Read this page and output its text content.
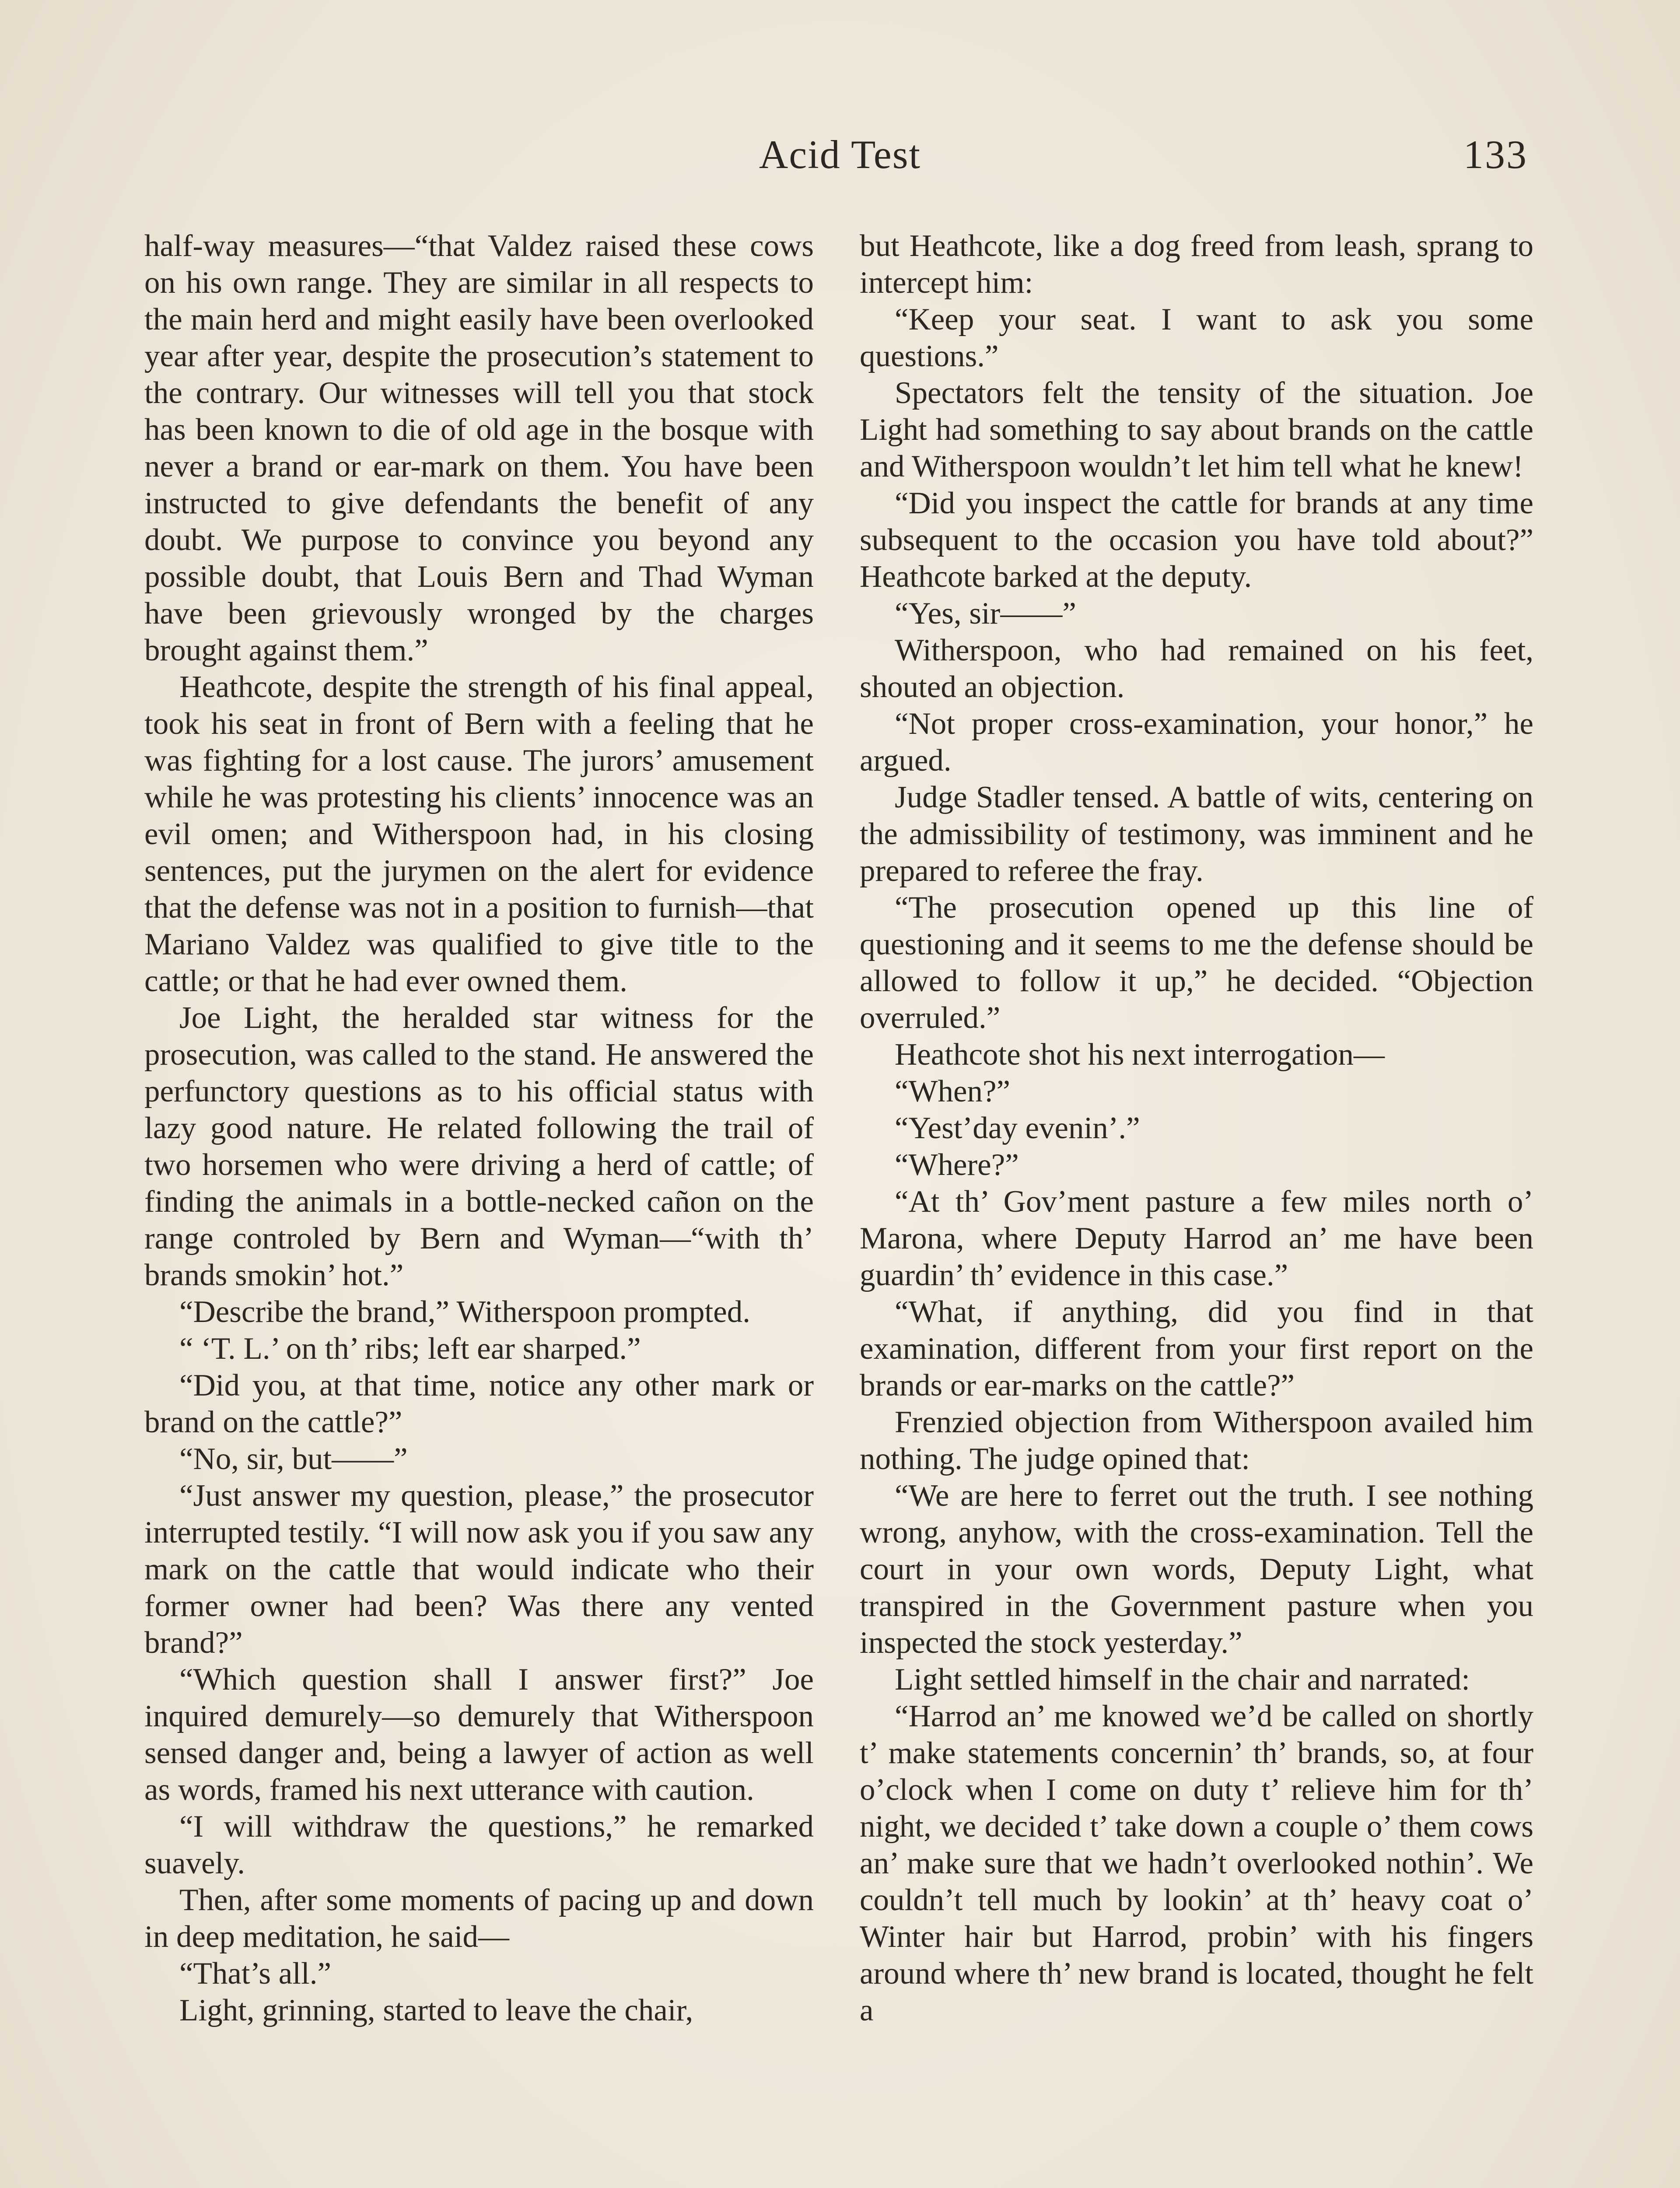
Acid Test	133

half-way measures—“that Valdez raised these cows on his own range. They are similar in all respects to the main herd and might easily have been overlooked year after year, despite the prosecution’s statement to the contrary. Our witnesses will tell you that stock has been known to die of old age in the bosque with never a brand or ear-mark on them. You have been instructed to give defendants the benefit of any doubt. We purpose to convince you beyond any possible doubt, that Louis Bern and Thad Wyman have been grievously wronged by the charges brought against them.”

Heathcote, despite the strength of his final appeal, took his seat in front of Bern with a feeling that he was fighting for a lost cause. The jurors’ amusement while he was protesting his clients’ innocence was an evil omen; and Witherspoon had, in his closing sentences, put the jurymen on the alert for evidence that the defense was not in a position to furnish—that Mariano Valdez was qualified to give title to the cattle; or that he had ever owned them.

Joe Light, the heralded star witness for the prosecution, was called to the stand. He answered the perfunctory questions as to his official status with lazy good nature. He related following the trail of two horsemen who were driving a herd of cattle; of finding the animals in a bottle-necked cañon on the range controled by Bern and Wyman—“with th’ brands smokin’ hot.”

“Describe the brand,” Witherspoon prompted.

“ ‘T. L.’ on th’ ribs; left ear sharped.”

“Did you, at that time, notice any other mark or brand on the cattle?”

“No, sir, but——”

“Just answer my question, please,” the prosecutor interrupted testily. “I will now ask you if you saw any mark on the cattle that would indicate who their former owner had been? Was there any vented brand?”

“Which question shall I answer first?” Joe inquired demurely—so demurely that Witherspoon sensed danger and, being a lawyer of action as well as words, framed his next utterance with caution.

“I will withdraw the questions,” he remarked suavely.

Then, after some moments of pacing up and down in deep meditation, he said—

“That’s all.”

Light, grinning, started to leave the chair,

but Heathcote, like a dog freed from leash, sprang to intercept him:

“Keep your seat. I want to ask you some questions.”

Spectators felt the tensity of the situation. Joe Light had something to say about brands on the cattle and Witherspoon wouldn’t let him tell what he knew!

“Did you inspect the cattle for brands at any time subsequent to the occasion you have told about?” Heathcote barked at the deputy.

“Yes, sir——”

Witherspoon, who had remained on his feet, shouted an objection.

“Not proper cross-examination, your honor,” he argued.

Judge Stadler tensed. A battle of wits, centering on the admissibility of testimony, was imminent and he prepared to referee the fray.

“The prosecution opened up this line of questioning and it seems to me the defense should be allowed to follow it up,” he decided. “Objection overruled.”

Heathcote shot his next interrogation—

“When?”

“Yest’day evenin’.”

“Where?”

“At th’ Gov’ment pasture a few miles north o’ Marona, where Deputy Harrod an’ me have been guardin’ th’ evidence in this case.”

“What, if anything, did you find in that examination, different from your first report on the brands or ear-marks on the cattle?”

Frenzied objection from Witherspoon availed him nothing. The judge opined that:

“We are here to ferret out the truth. I see nothing wrong, anyhow, with the cross-examination. Tell the court in your own words, Deputy Light, what transpired in the Government pasture when you inspected the stock yesterday.”

Light settled himself in the chair and narrated:

“Harrod an’ me knowed we’d be called on shortly t’ make statements concernin’ th’ brands, so, at four o’clock when I come on duty t’ relieve him for th’ night, we decided t’ take down a couple o’ them cows an’ make sure that we hadn’t overlooked nothin’. We couldn’t tell much by lookin’ at th’ heavy coat o’ Winter hair but Harrod, probin’ with his fingers around where th’ new brand is located, thought he felt a
